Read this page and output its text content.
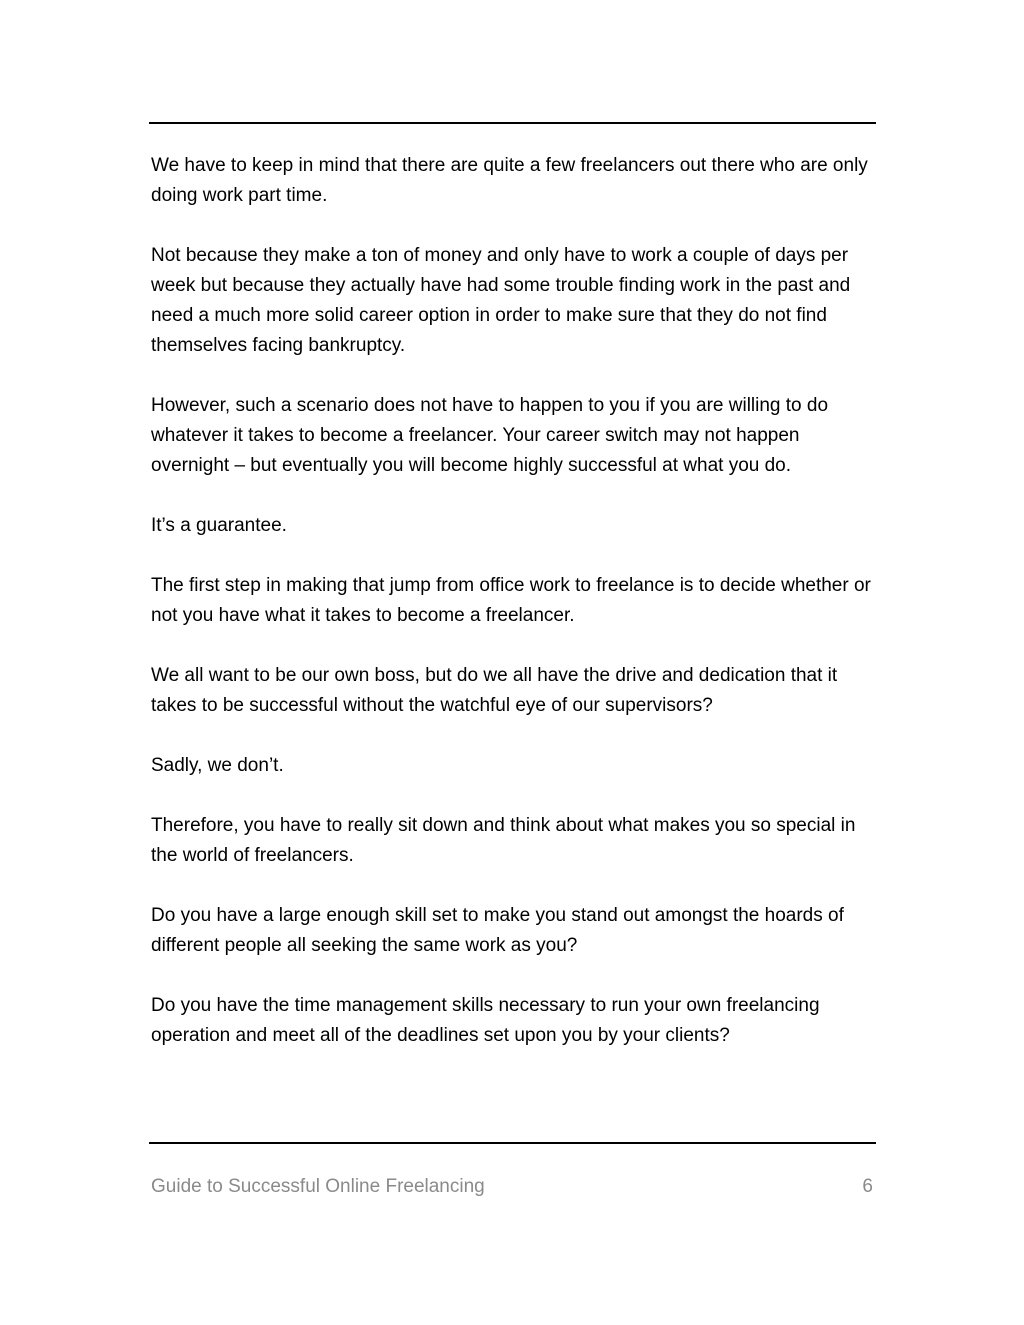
We have to keep in mind that there are quite a few freelancers out there who are only doing work part time.

Not because they make a ton of money and only have to work a couple of days per week but because they actually have had some trouble finding work in the past and need a much more solid career option in order to make sure that they do not find themselves facing bankruptcy.

However, such a scenario does not have to happen to you if you are willing to do whatever it takes to become a freelancer. Your career switch may not happen overnight – but eventually you will become highly successful at what you do.

It’s a guarantee.

The first step in making that jump from office work to freelance is to decide whether or not you have what it takes to become a freelancer.

We all want to be our own boss, but do we all have the drive and dedication that it takes to be successful without the watchful eye of our supervisors?

Sadly, we don’t.

Therefore, you have to really sit down and think about what makes you so special in the world of freelancers.

Do you have a large enough skill set to make you stand out amongst the hoards of different people all seeking the same work as you?

Do you have the time management skills necessary to run your own freelancing operation and meet all of the deadlines set upon you by your clients?

Guide to Successful Online Freelancing	6
